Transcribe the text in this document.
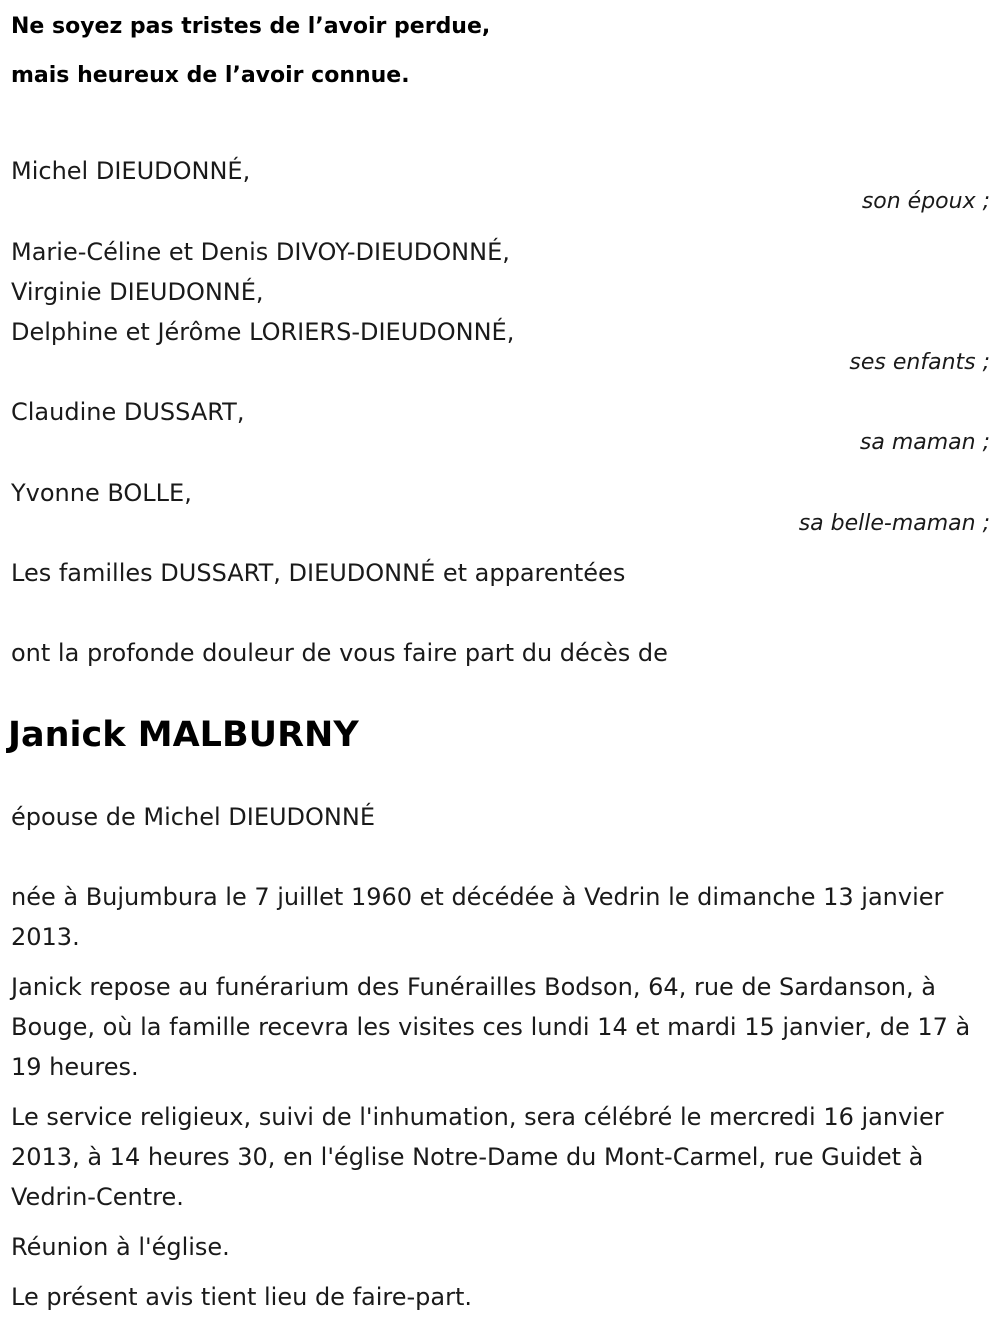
Ne soyez pas tristes de l’avoir perdue,
mais heureux de l’avoir connue.
Michel DIEUDONNÉ,
son époux ;
Marie-Céline et Denis DIVOY-DIEUDONNÉ,
Virginie DIEUDONNÉ,
Delphine et Jérôme LORIERS-DIEUDONNÉ,
ses enfants ;
Claudine DUSSART,
sa maman ;
Yvonne BOLLE,
sa belle-maman ;
Les familles DUSSART, DIEUDONNÉ et apparentées
ont la profonde douleur de vous faire part du décès de
Janick MALBURNY
épouse de Michel DIEUDONNÉ
née à Bujumbura le 7 juillet 1960 et décédée à Vedrin le dimanche 13 janvier 2013.
Janick repose au funérarium des Funérailles Bodson, 64, rue de Sardanson, à Bouge, où la famille recevra les visites ces lundi 14 et mardi 15 janvier, de 17 à 19 heures.
Le service religieux, suivi de l'inhumation, sera célébré le mercredi 16 janvier 2013, à 14 heures 30, en l'église Notre-Dame du Mont-Carmel, rue Guidet à Vedrin-Centre.
Réunion à l'église.
Le présent avis tient lieu de faire-part.
